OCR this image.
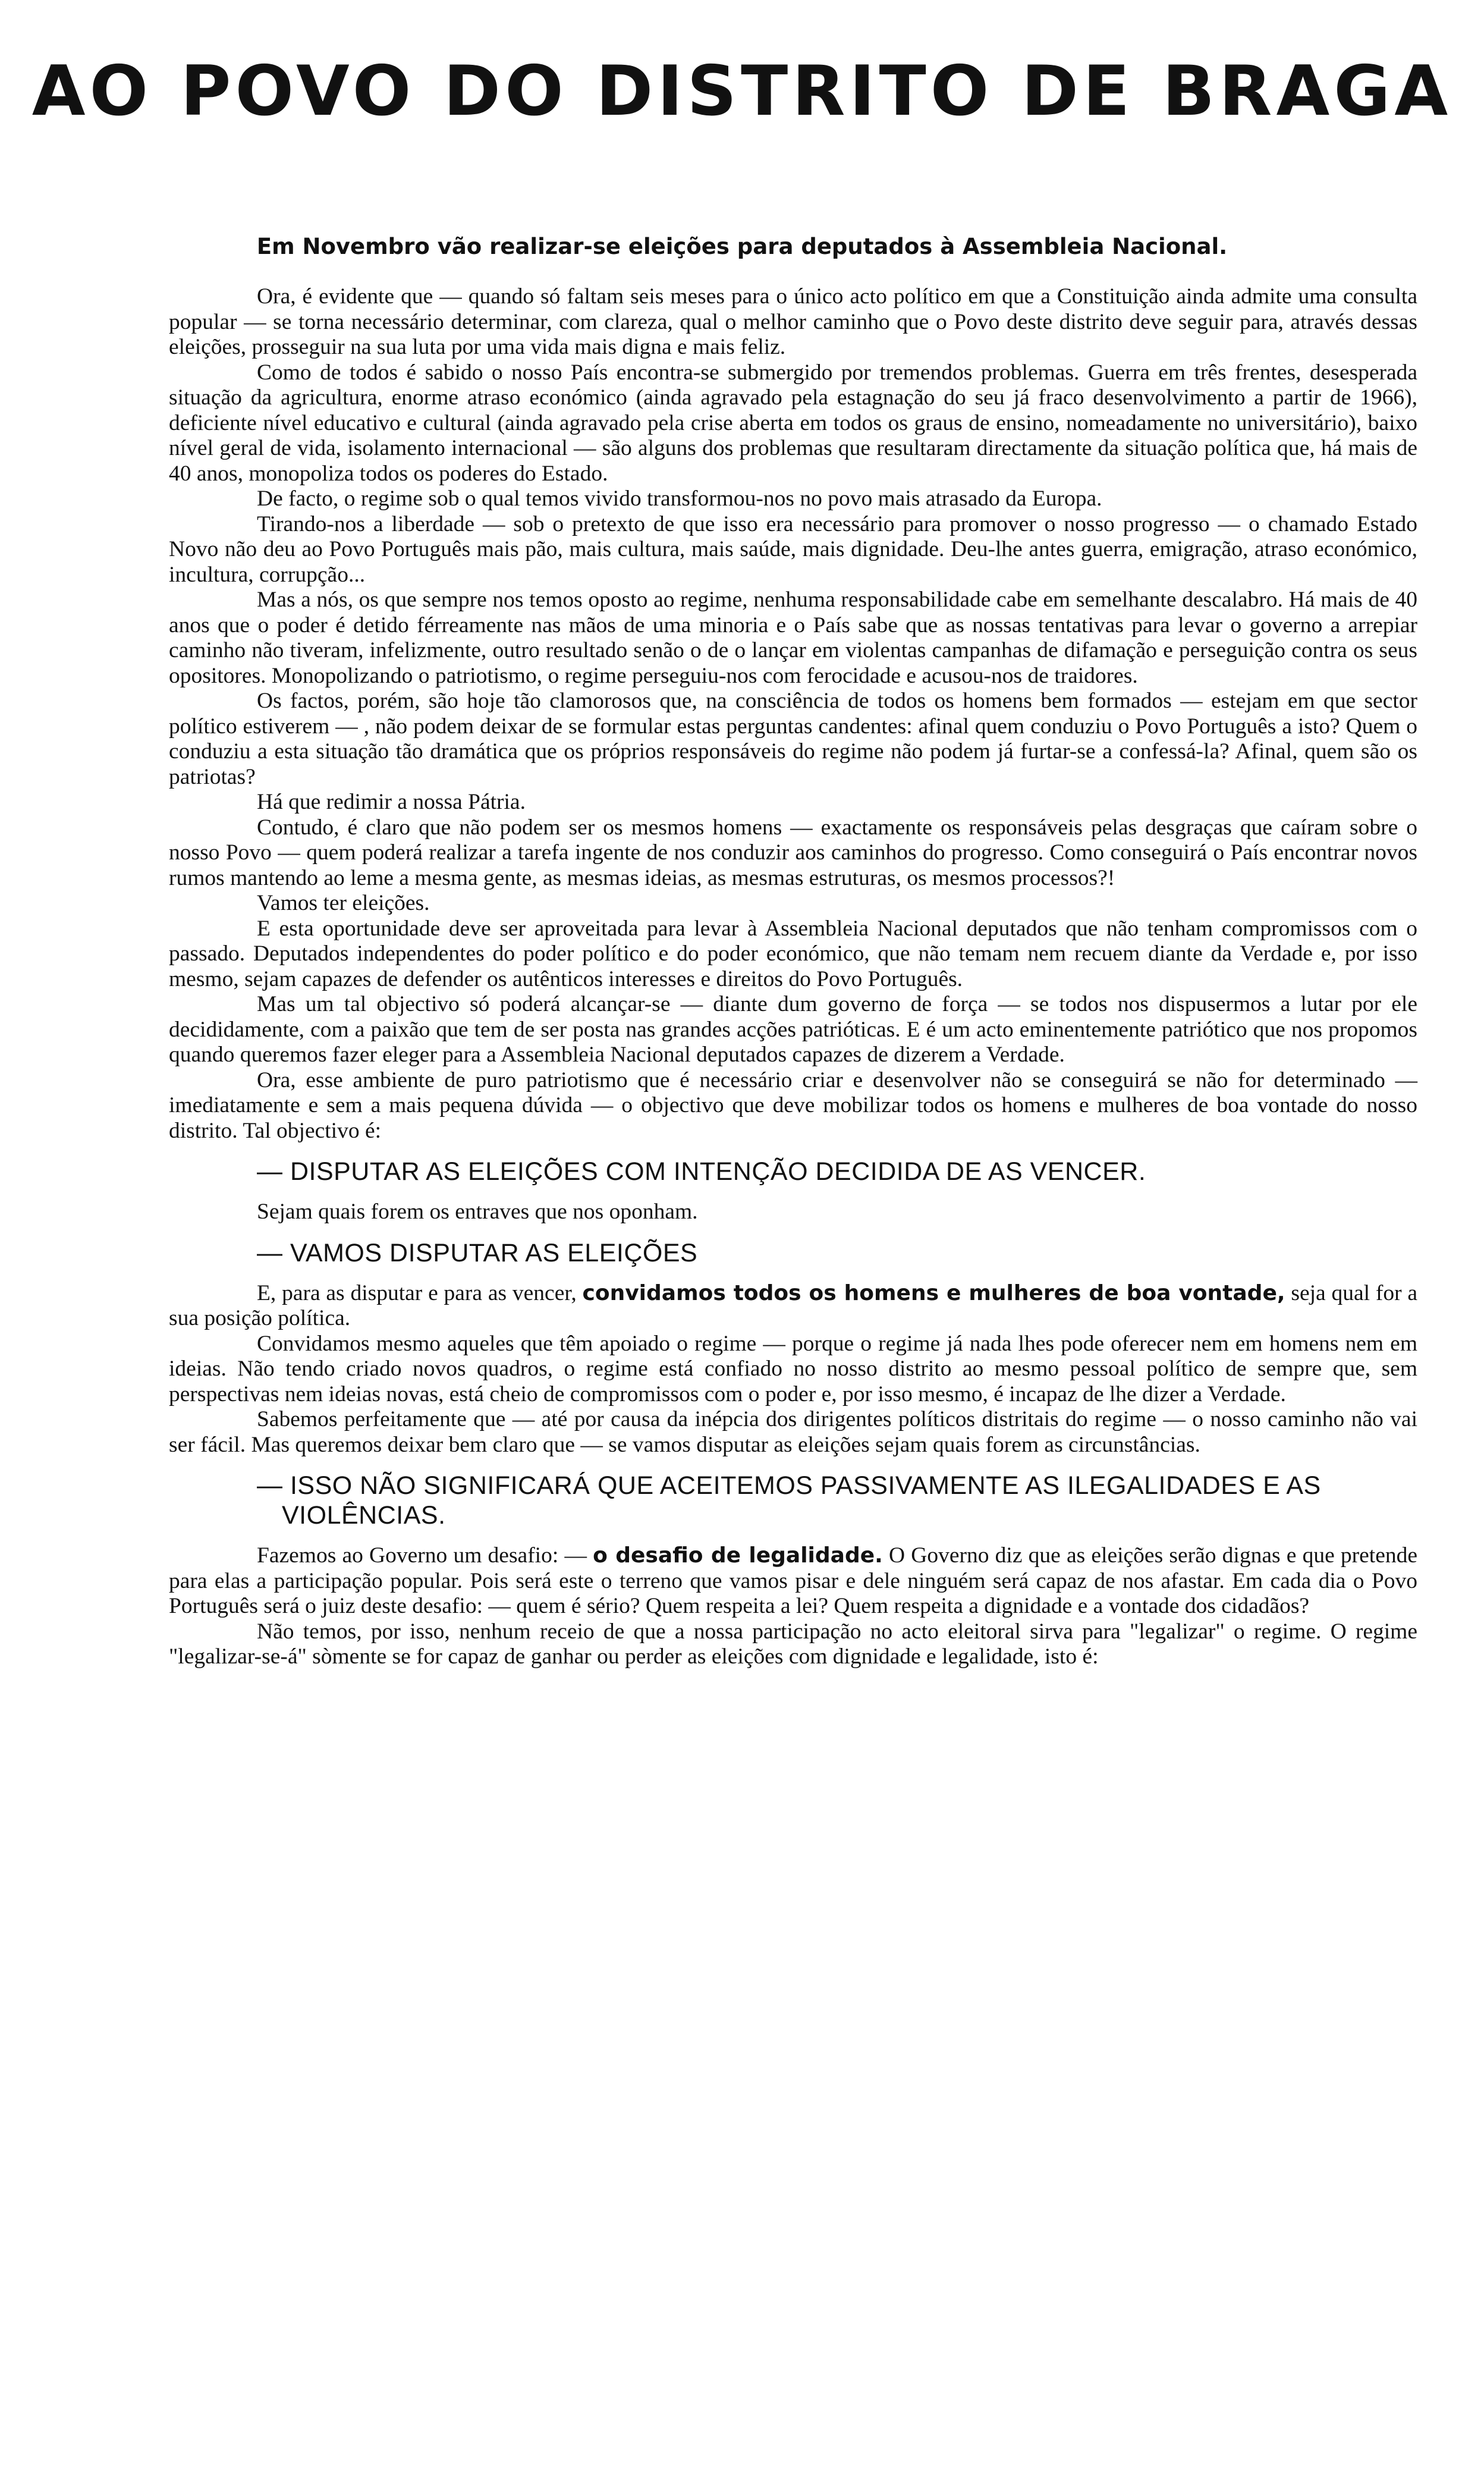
AO POVO DO DISTRITO DE BRAGA
Em Novembro vão realizar-se eleições para deputados à Assembleia Nacional.

Ora, é evidente que — quando só faltam seis meses para o único acto político em que a Constituição ainda admite uma consulta popular — se torna necessário determinar, com clareza, qual o melhor caminho que o Povo deste distrito deve seguir para, através dessas eleições, prosseguir na sua luta por uma vida mais digna e mais feliz.

Como de todos é sabido o nosso País encontra-se submergido por tremendos problemas. Guerra em três frentes, desesperada situação da agricultura, enorme atraso económico (ainda agravado pela estagnação do seu já fraco desenvolvimento a partir de 1966), deficiente nível educativo e cultural (ainda agravado pela crise aberta em todos os graus de ensino, nomeadamente no universitário), baixo nível geral de vida, isolamento internacional — são alguns dos problemas que resultaram directamente da situação política que, há mais de 40 anos, monopoliza todos os poderes do Estado.

De facto, o regime sob o qual temos vivido transformou-nos no povo mais atrasado da Europa.

Tirando-nos a liberdade — sob o pretexto de que isso era necessário para promover o nosso progresso — o chamado Estado Novo não deu ao Povo Português mais pão, mais cultura, mais saúde, mais dignidade. Deu-lhe antes guerra, emigração, atraso económico, incultura, corrupção...

Mas a nós, os que sempre nos temos oposto ao regime, nenhuma responsabilidade cabe em semelhante descalabro. Há mais de 40 anos que o poder é detido férreamente nas mãos de uma minoria e o País sabe que as nossas tentativas para levar o governo a arrepiar caminho não tiveram, infelizmente, outro resultado senão o de o lançar em violentas campanhas de difamação e perseguição contra os seus opositores. Monopolizando o patriotismo, o regime perseguiu-nos com ferocidade e acusou-nos de traidores.

Os factos, porém, são hoje tão clamorosos que, na consciência de todos os homens bem formados — estejam em que sector político estiverem — , não podem deixar de se formular estas perguntas candentes: afinal quem conduziu o Povo Português a isto? Quem o conduziu a esta situação tão dramática que os próprios responsáveis do regime não podem já furtar-se a confessá-la? Afinal, quem são os patriotas?

Há que redimir a nossa Pátria.

Contudo, é claro que não podem ser os mesmos homens — exactamente os responsáveis pelas desgraças que caíram sobre o nosso Povo — quem poderá realizar a tarefa ingente de nos conduzir aos caminhos do progresso. Como conseguirá o País encontrar novos rumos mantendo ao leme a mesma gente, as mesmas ideias, as mesmas estruturas, os mesmos processos?!

Vamos ter eleições.

E esta oportunidade deve ser aproveitada para levar à Assembleia Nacional deputados que não tenham compromissos com o passado. Deputados independentes do poder político e do poder económico, que não temam nem recuem diante da Verdade e, por isso mesmo, sejam capazes de defender os autênticos interesses e direitos do Povo Português.

Mas um tal objectivo só poderá alcançar-se — diante dum governo de força — se todos nos dispusermos a lutar por ele decididamente, com a paixão que tem de ser posta nas grandes acções patrióticas. E é um acto eminentemente patriótico que nos propomos quando queremos fazer eleger para a Assembleia Nacional deputados capazes de dizerem a Verdade.

Ora, esse ambiente de puro patriotismo que é necessário criar e desenvolver não se conseguirá se não for determinado — imediatamente e sem a mais pequena dúvida — o objectivo que deve mobilizar todos os homens e mulheres de boa vontade do nosso distrito. Tal objectivo é:

— DISPUTAR AS ELEIÇÕES COM INTENÇÃO DECIDIDA DE AS VENCER.

Sejam quais forem os entraves que nos oponham.

— VAMOS DISPUTAR AS ELEIÇÕES

E, para as disputar e para as vencer, convidamos todos os homens e mulheres de boa vontade, seja qual for a sua posição política.

Convidamos mesmo aqueles que têm apoiado o regime — porque o regime já nada lhes pode oferecer nem em homens nem em ideias. Não tendo criado novos quadros, o regime está confiado no nosso distrito ao mesmo pessoal político de sempre que, sem perspectivas nem ideias novas, está cheio de compromissos com o poder e, por isso mesmo, é incapaz de lhe dizer a Verdade.

Sabemos perfeitamente que — até por causa da inépcia dos dirigentes políticos distritais do regime — o nosso caminho não vai ser fácil. Mas queremos deixar bem claro que — se vamos disputar as eleições sejam quais forem as circunstâncias.

— ISSO NÃO SIGNIFICARÁ QUE ACEITEMOS PASSIVAMENTE AS ILEGALIDADES E AS VIOLÊNCIAS.

Fazemos ao Governo um desafio: — o desafio de legalidade. O Governo diz que as eleições serão dignas e que pretende para elas a participação popular. Pois será este o terreno que vamos pisar e dele ninguém será capaz de nos afastar. Em cada dia o Povo Português será o juiz deste desafio: — quem é sério? Quem respeita a lei? Quem respeita a dignidade e a vontade dos cidadãos?

Não temos, por isso, nenhum receio de que a nossa participação no acto eleitoral sirva para "legalizar" o regime. O regime "legalizar-se-á" sòmente se for capaz de ganhar ou perder as eleições com dignidade e legalidade, isto é:
